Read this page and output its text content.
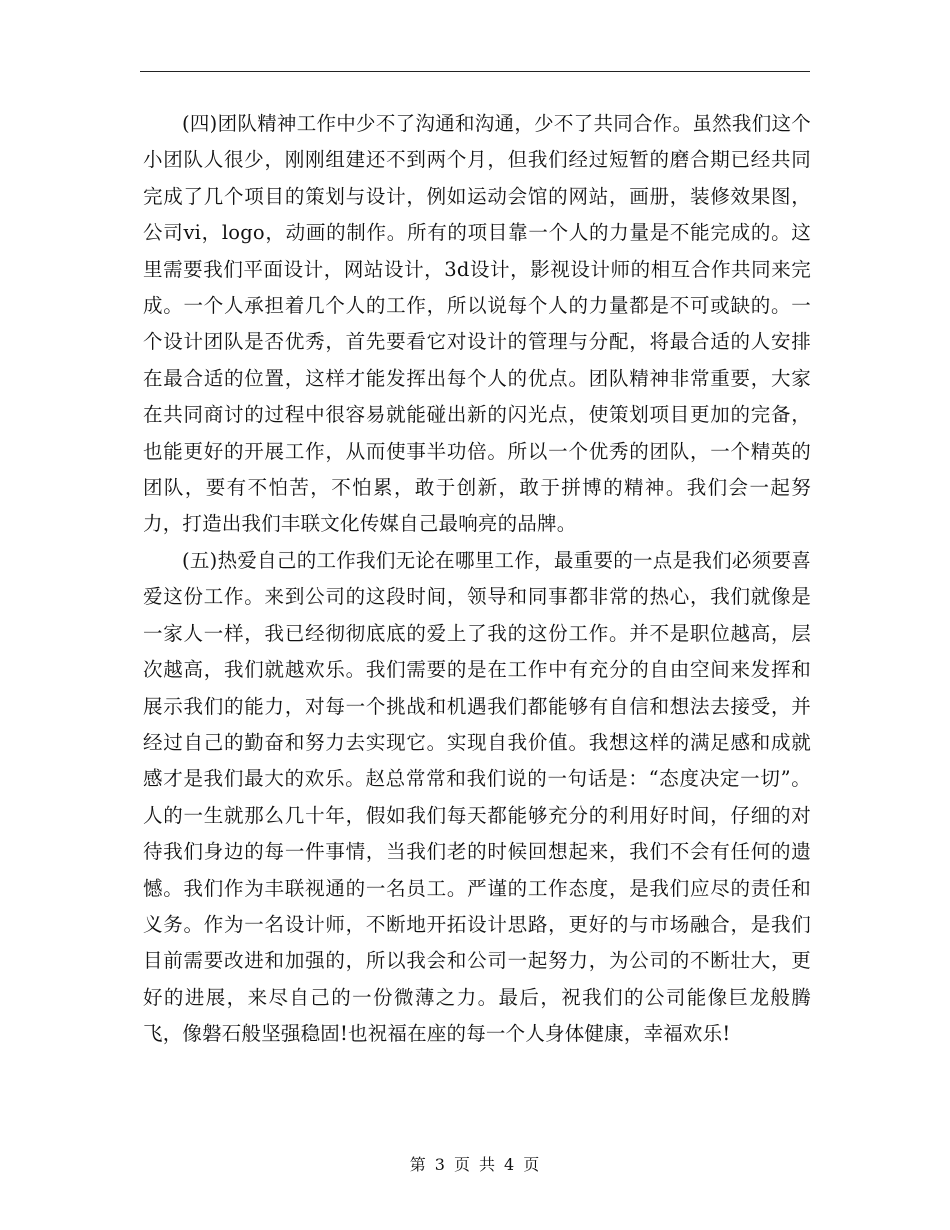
(四)团队精神工作中少不了沟通和沟通，少不了共同合作。虽然我们这个小团队人很少，刚刚组建还不到两个月，但我们经过短暂的磨合期已经共同完成了几个项目的策划与设计，例如运动会馆的网站，画册，装修效果图，公司vi，logo，动画的制作。所有的项目靠一个人的力量是不能完成的。这里需要我们平面设计，网站设计，3d设计，影视设计师的相互合作共同来完成。一个人承担着几个人的工作，所以说每个人的力量都是不可或缺的。一个设计团队是否优秀，首先要看它对设计的管理与分配，将最合适的人安排在最合适的位置，这样才能发挥出每个人的优点。团队精神非常重要，大家在共同商讨的过程中很容易就能碰出新的闪光点，使策划项目更加的完备，也能更好的开展工作，从而使事半功倍。所以一个优秀的团队，一个精英的团队，要有不怕苦，不怕累，敢于创新，敢于拼博的精神。我们会一起努力，打造出我们丰联文化传媒自己最响亮的品牌。

(五)热爱自己的工作我们无论在哪里工作，最重要的一点是我们必须要喜爱这份工作。来到公司的这段时间，领导和同事都非常的热心，我们就像是一家人一样，我已经彻彻底底的爱上了我的这份工作。并不是职位越高，层次越高，我们就越欢乐。我们需要的是在工作中有充分的自由空间来发挥和展示我们的能力，对每一个挑战和机遇我们都能够有自信和想法去接受，并经过自己的勤奋和努力去实现它。实现自我价值。我想这样的满足感和成就感才是我们最大的欢乐。赵总常常和我们说的一句话是：“态度决定一切”。人的一生就那么几十年，假如我们每天都能够充分的利用好时间，仔细的对待我们身边的每一件事情，当我们老的时候回想起来，我们不会有任何的遗憾。我们作为丰联视通的一名员工。严谨的工作态度，是我们应尽的责任和义务。作为一名设计师，不断地开拓设计思路，更好的与市场融合，是我们目前需要改进和加强的，所以我会和公司一起努力，为公司的不断壮大，更好的进展，来尽自己的一份微薄之力。最后，祝我们的公司能像巨龙般腾飞，像磐石般坚强稳固!也祝福在座的每一个人身体健康，幸福欢乐!

第 3 页 共 4 页
